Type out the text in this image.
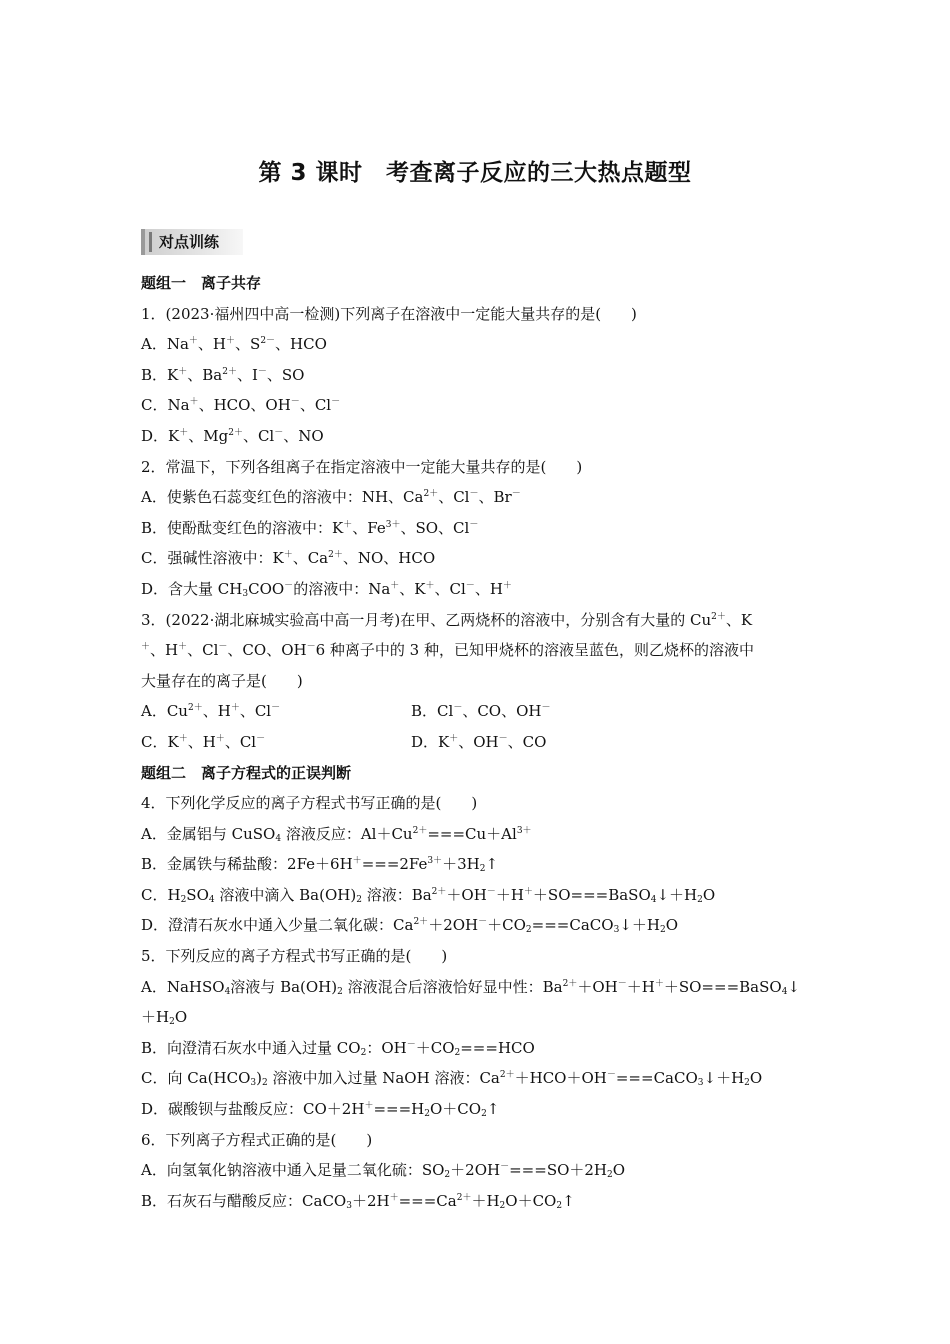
第 3 课时　考查离子反应的三大热点题型
对点训练
题组一　离子共存
1．(2023·福州四中高一检测)下列离子在溶液中一定能大量共存的是(　　)
A．Na＋、H＋、$S^{2-}$、HCO
B．K＋、$Ba^{2+}$、I－、SO
C．Na＋、HCO、OH－、Cl－
D．K＋、$Mg^{2+}$、Cl－、NO
2．常温下，下列各组离子在指定溶液中一定能大量共存的是(　　)
A．使紫色石蕊变红色的溶液中：NH、$Ca^{2+}$、Cl－、Br－
B．使酚酞变红色的溶液中：K＋、$Fe^{3+}$、SO、Cl－
C．强碱性溶液中：K＋、$Ca^{2+}$、NO、HCO
D．含大量 $CH_3COO^-$的溶液中：Na＋、K＋、Cl－、H＋
3．(2022·湖北麻城实验高中高一月考)在甲、乙两烧杯的溶液中，分别含有大量的 $Cu^{2+}$、K
＋、H＋、Cl－、CO、OH－6 种离子中的 3 种，已知甲烧杯的溶液呈蓝色，则乙烧杯的溶液中
大量存在的离子是(　　)
A．$Cu^{2+}$、H＋、Cl－	B．Cl－、CO、OH－
C．K＋、H＋、Cl－	D．K＋、OH－、CO
题组二　离子方程式的正误判断
4．下列化学反应的离子方程式书写正确的是(　　)
A．金属铝与 CuSO$_4$ 溶液反应：$Al+Cu^{2+}===Cu+Al^{3+}$
B．金属铁与稀盐酸：$2Fe+6H^+===2Fe^{3+}+3H_2↑$
C．$H_2SO_4$ 溶液中滴入 $Ba(OH)_2$ 溶液：$Ba^{2+}+OH^-+H^++SO===BaSO_4↓+H_2O$
D．澄清石灰水中通入少量二氧化碳：$Ca^{2+}+2OH^-+CO_2===CaCO_3↓+H_2O$
5．下列反应的离子方程式书写正确的是(　　)
A．NaHSO$_4$溶液与 $Ba(OH)_2$ 溶液混合后溶液恰好显中性：$Ba^{2+}+OH^-+H^++SO===BaSO_4↓$
$+H_2O$
B．向澄清石灰水中通入过量 $CO_2$：$OH^-+CO_2===HCO$
C．向 $Ca(HCO_3)_2$ 溶液中加入过量 NaOH 溶液：$Ca^{2+}+HCO+OH^-===CaCO_3↓+H_2O$
D．碳酸钡与盐酸反应：$CO+2H^+===H_2O+CO_2↑$
6．下列离子方程式正确的是(　　)
A．向氢氧化钠溶液中通入足量二氧化硫：$SO_2+2OH^-===SO+2H_2O$
B．石灰石与醋酸反应：$CaCO_3+2H^+===Ca^{2+}+H_2O+CO_2↑$
